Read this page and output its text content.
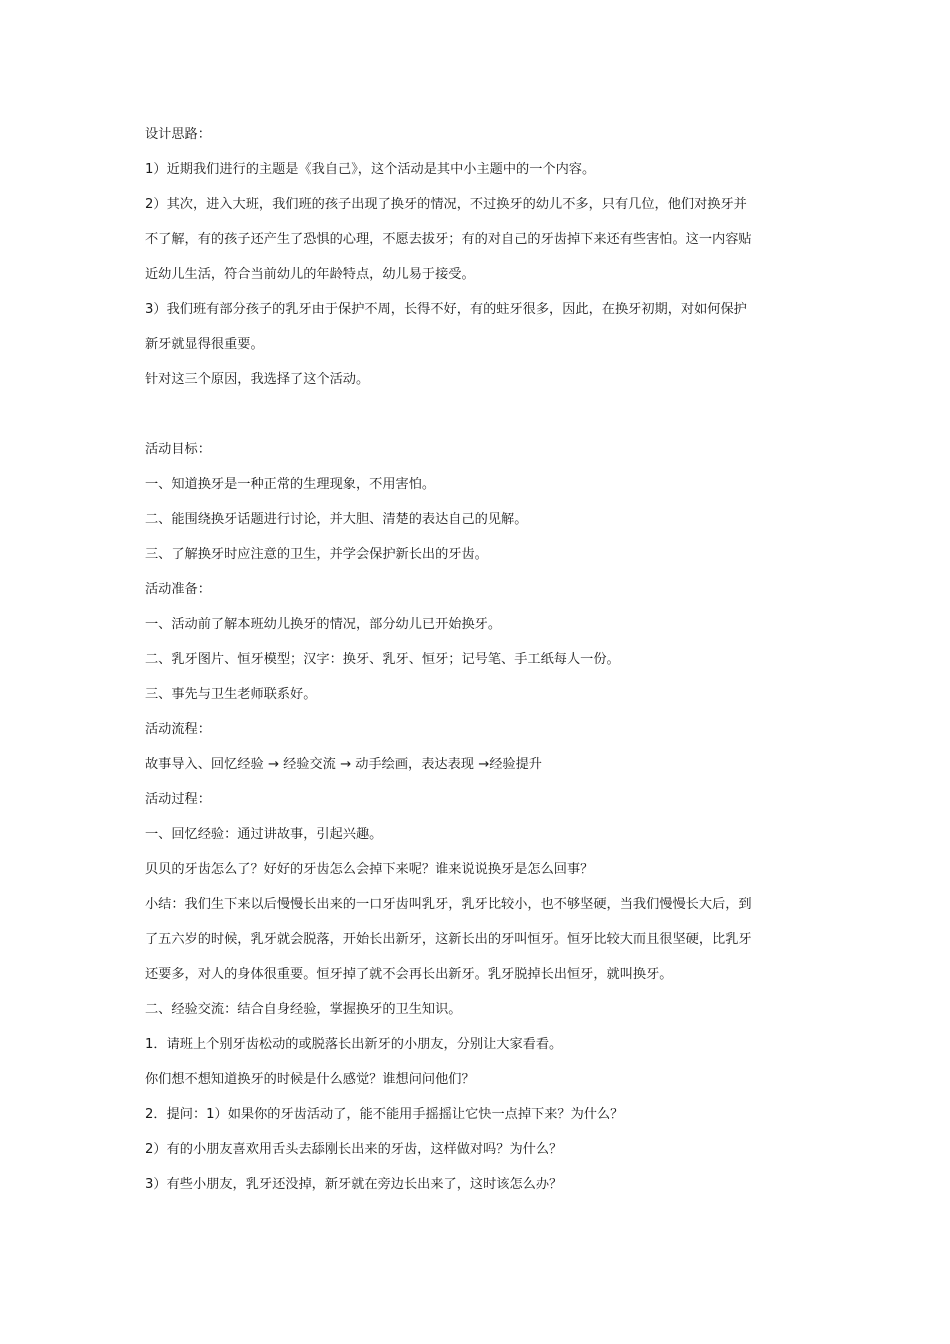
设计思路：

1）近期我们进行的主题是《我自己》，这个活动是其中小主题中的一个内容。

2）其次，进入大班，我们班的孩子出现了换牙的情况，不过换牙的幼儿不多，只有几位，他们对换牙并

不了解，有的孩子还产生了恐惧的心理，不愿去拔牙；有的对自己的牙齿掉下来还有些害怕。这一内容贴

近幼儿生活，符合当前幼儿的年龄特点，幼儿易于接受。

3）我们班有部分孩子的乳牙由于保护不周，长得不好，有的蛀牙很多，因此，在换牙初期，对如何保护

新牙就显得很重要。

针对这三个原因，我选择了这个活动。

活动目标：

一、知道换牙是一种正常的生理现象，不用害怕。

二、能围绕换牙话题进行讨论，并大胆、清楚的表达自己的见解。

三、了解换牙时应注意的卫生，并学会保护新长出的牙齿。

活动准备：

一、活动前了解本班幼儿换牙的情况，部分幼儿已开始换牙。

二、乳牙图片、恒牙模型；汉字：换牙、乳牙、恒牙；记号笔、手工纸每人一份。

三、事先与卫生老师联系好。

活动流程：

故事导入、回忆经验 → 经验交流 → 动手绘画，表达表现 →经验提升

活动过程：

一、回忆经验：通过讲故事，引起兴趣。

贝贝的牙齿怎么了？好好的牙齿怎么会掉下来呢？谁来说说换牙是怎么回事？

小结：我们生下来以后慢慢长出来的一口牙齿叫乳牙，乳牙比较小，也不够坚硬，当我们慢慢长大后，到

了五六岁的时候，乳牙就会脱落，开始长出新牙，这新长出的牙叫恒牙。恒牙比较大而且很坚硬，比乳牙

还要多，对人的身体很重要。恒牙掉了就不会再长出新牙。乳牙脱掉长出恒牙，就叫换牙。

二、经验交流：结合自身经验，掌握换牙的卫生知识。

1．请班上个别牙齿松动的或脱落长出新牙的小朋友，分别让大家看看。

你们想不想知道换牙的时候是什么感觉？谁想问问他们？

2．提问：1）如果你的牙齿活动了，能不能用手摇摇让它快一点掉下来？为什么？

2）有的小朋友喜欢用舌头去舔刚长出来的牙齿，这样做对吗？为什么？

3）有些小朋友，乳牙还没掉，新牙就在旁边长出来了，这时该怎么办？
